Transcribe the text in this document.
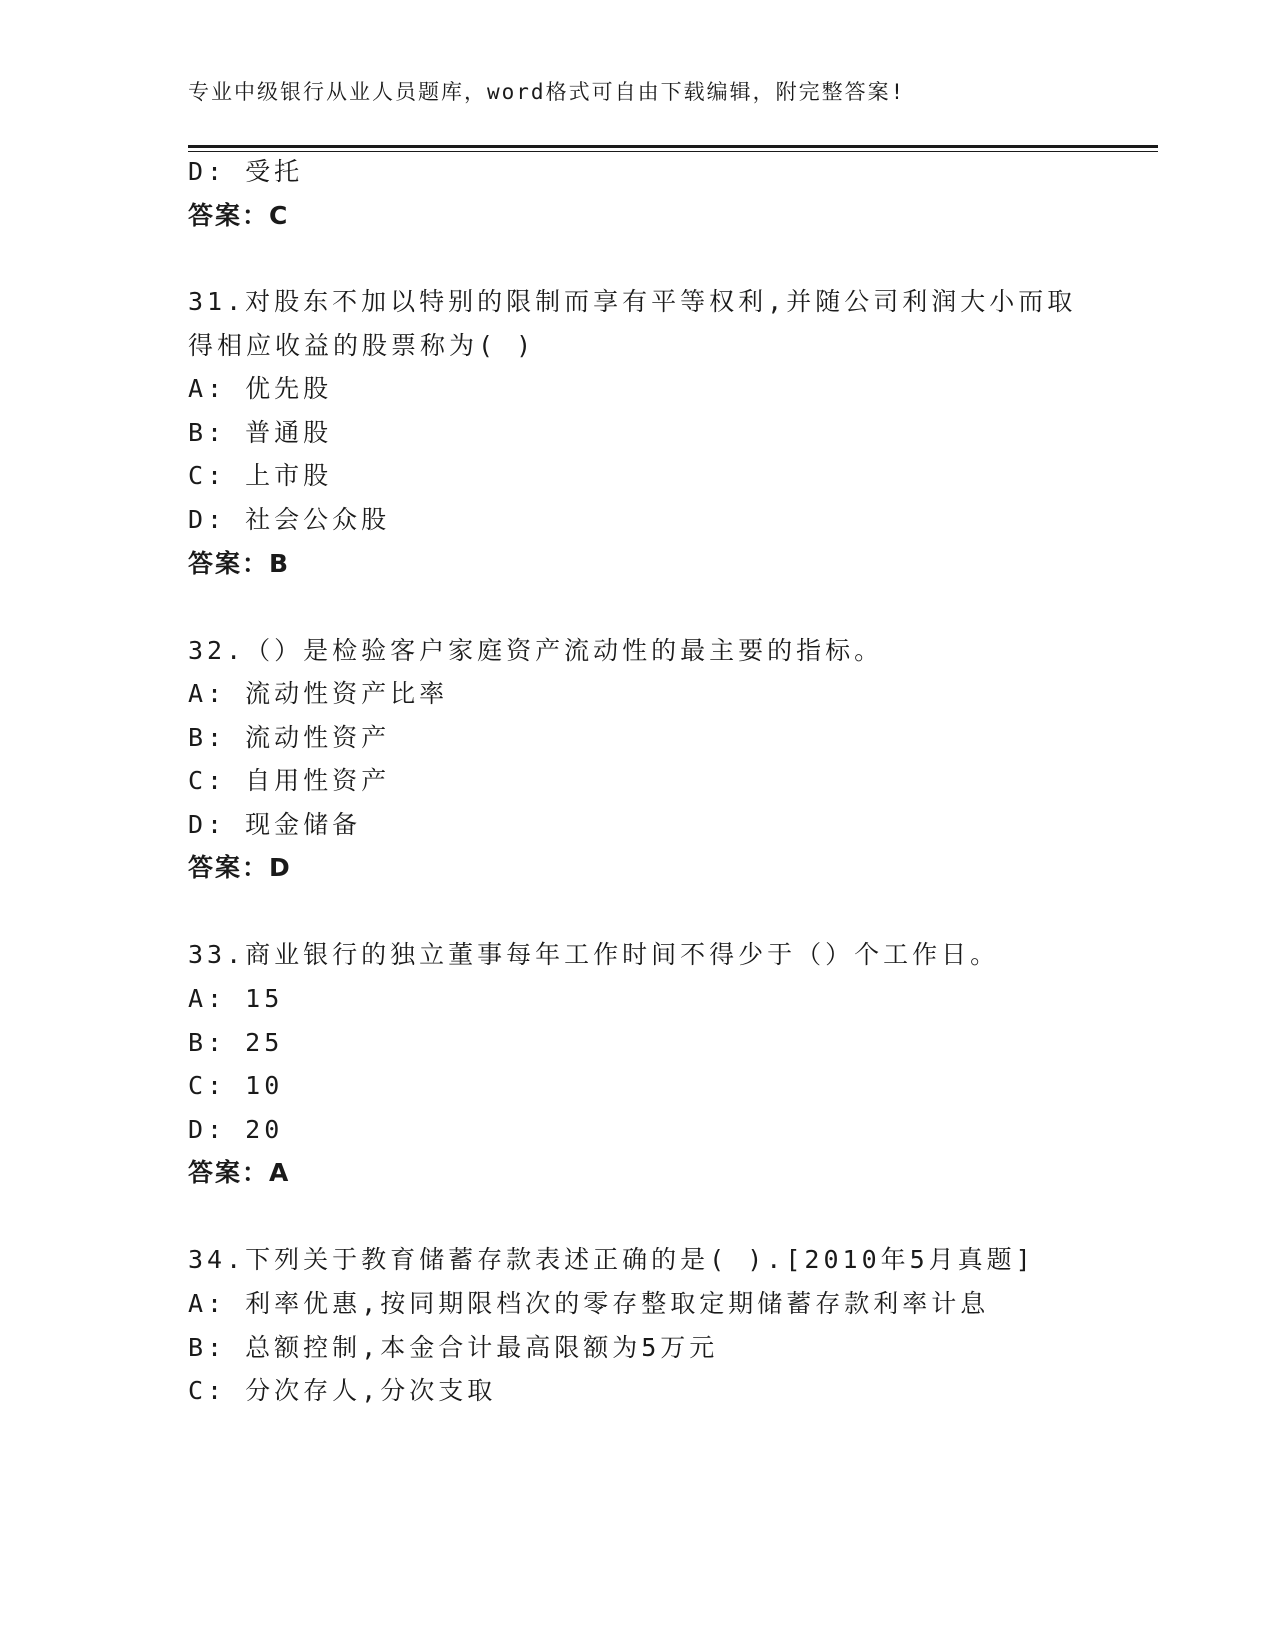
专业中级银行从业人员题库，word格式可自由下载编辑，附完整答案!
D: 受托
答案：C
31.对股东不加以特别的限制而享有平等权利,并随公司利润大小而取
得相应收益的股票称为( )
A: 优先股
B: 普通股
C: 上市股
D: 社会公众股
答案：B
32.（）是检验客户家庭资产流动性的最主要的指标。
A: 流动性资产比率
B: 流动性资产
C: 自用性资产
D: 现金储备
答案：D
33.商业银行的独立董事每年工作时间不得少于（）个工作日。
A: 15
B: 25
C: 10
D: 20
答案：A
34.下列关于教育储蓄存款表述正确的是( ).[2010年5月真题]
A: 利率优惠,按同期限档次的零存整取定期储蓄存款利率计息
B: 总额控制,本金合计最高限额为5万元
C: 分次存人,分次支取
